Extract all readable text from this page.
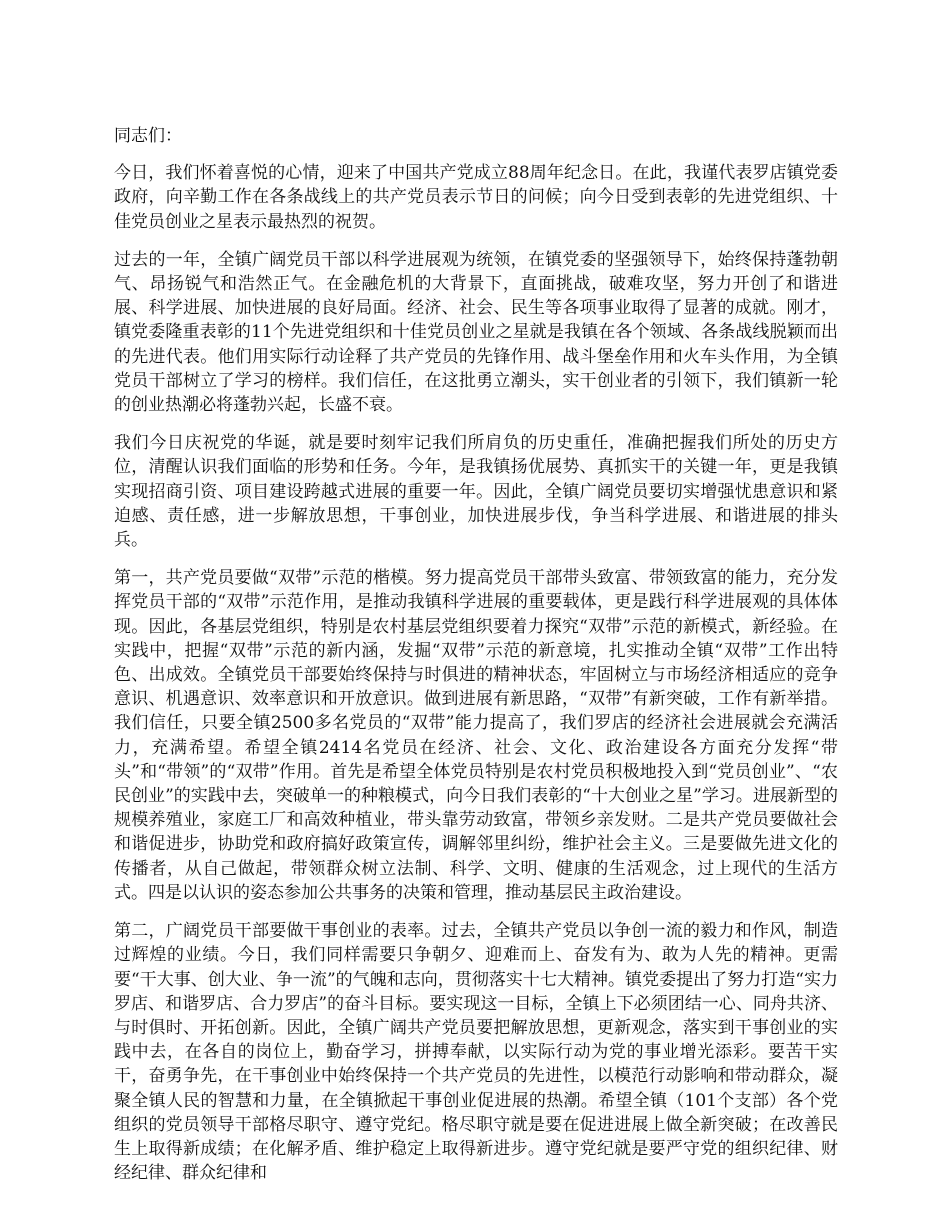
同志们：

今日，我们怀着喜悦的心情，迎来了中国共产党成立88周年纪念日。在此，我谨代表罗店镇党委政府，向辛勤工作在各条战线上的共产党员表示节日的问候；向今日受到表彰的先进党组织、十佳党员创业之星表示最热烈的祝贺。

过去的一年，全镇广阔党员干部以科学进展观为统领，在镇党委的坚强领导下，始终保持蓬勃朝气、昂扬锐气和浩然正气。在金融危机的大背景下，直面挑战，破难攻坚，努力开创了和谐进展、科学进展、加快进展的良好局面。经济、社会、民生等各项事业取得了显著的成就。刚才，镇党委隆重表彰的11个先进党组织和十佳党员创业之星就是我镇在各个领域、各条战线脱颖而出的先进代表。他们用实际行动诠释了共产党员的先锋作用、战斗堡垒作用和火车头作用，为全镇党员干部树立了学习的榜样。我们信任，在这批勇立潮头，实干创业者的引领下，我们镇新一轮的创业热潮必将蓬勃兴起，长盛不衰。

我们今日庆祝党的华诞，就是要时刻牢记我们所肩负的历史重任，准确把握我们所处的历史方位，清醒认识我们面临的形势和任务。今年，是我镇扬优展势、真抓实干的关键一年，更是我镇实现招商引资、项目建设跨越式进展的重要一年。因此，全镇广阔党员要切实增强忧患意识和紧迫感、责任感，进一步解放思想，干事创业，加快进展步伐，争当科学进展、和谐进展的排头兵。

第一，共产党员要做“双带”示范的楷模。努力提高党员干部带头致富、带领致富的能力，充分发挥党员干部的“双带”示范作用，是推动我镇科学进展的重要载体，更是践行科学进展观的具体体现。因此，各基层党组织，特别是农村基层党组织要着力探究“双带”示范的新模式，新经验。在实践中，把握“双带”示范的新内涵，发掘“双带”示范的新意境，扎实推动全镇“双带”工作出特色、出成效。全镇党员干部要始终保持与时俱进的精神状态，牢固树立与市场经济相适应的竞争意识、机遇意识、效率意识和开放意识。做到进展有新思路，“双带”有新突破，工作有新举措。我们信任，只要全镇2500多名党员的“双带”能力提高了，我们罗店的经济社会进展就会充满活力，充满希望。希望全镇2414名党员在经济、社会、文化、政治建设各方面充分发挥“带头”和“带领”的“双带”作用。首先是希望全体党员特别是农村党员积极地投入到“党员创业”、“农民创业”的实践中去，突破单一的种粮模式，向今日我们表彰的“十大创业之星”学习。进展新型的规模养殖业，家庭工厂和高效种植业，带头靠劳动致富，带领乡亲发财。二是共产党员要做社会和谐促进步，协助党和政府搞好政策宣传，调解邻里纠纷，维护社会主义。三是要做先进文化的传播者，从自己做起，带领群众树立法制、科学、文明、健康的生活观念，过上现代的生活方式。四是以认识的姿态参加公共事务的决策和管理，推动基层民主政治建设。

第二，广阔党员干部要做干事创业的表率。过去，全镇共产党员以争创一流的毅力和作风，制造过辉煌的业绩。今日，我们同样需要只争朝夕、迎难而上、奋发有为、敢为人先的精神。更需要“干大事、创大业、争一流”的气魄和志向，贯彻落实十七大精神。镇党委提出了努力打造“实力罗店、和谐罗店、合力罗店”的奋斗目标。要实现这一目标，全镇上下必须团结一心、同舟共济、与时俱时、开拓创新。因此，全镇广阔共产党员要把解放思想，更新观念，落实到干事创业的实践中去，在各自的岗位上，勤奋学习，拼搏奉献，以实际行动为党的事业增光添彩。要苦干实干，奋勇争先，在干事创业中始终保持一个共产党员的先进性，以模范行动影响和带动群众，凝聚全镇人民的智慧和力量，在全镇掀起干事创业促进展的热潮。希望全镇（101个支部）各个党组织的党员领导干部格尽职守、遵守党纪。格尽职守就是要在促进进展上做全新突破；在改善民生上取得新成绩；在化解矛盾、维护稳定上取得新进步。遵守党纪就是要严守党的组织纪律、财经纪律、群众纪律和
